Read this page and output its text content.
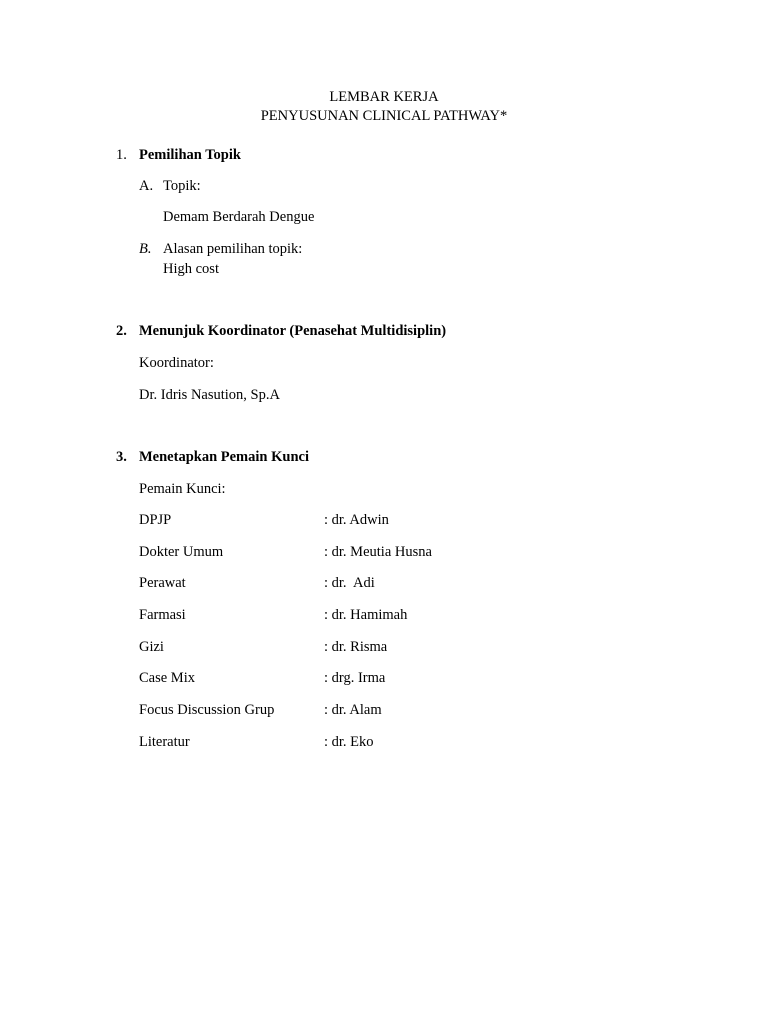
LEMBAR KERJA
PENYUSUNAN CLINICAL PATHWAY*
1. Pemilihan Topik
A. Topik:
Demam Berdarah Dengue
B. Alasan pemilihan topik:
High cost
2. Menunjuk Koordinator (Penasehat Multidisiplin)
Koordinator:
Dr. Idris Nasution, Sp.A
3. Menetapkan Pemain Kunci
Pemain Kunci:
DPJP	: dr. Adwin
Dokter Umum	: dr. Meutia Husna
Perawat	: dr.  Adi
Farmasi	: dr. Hamimah
Gizi	: dr. Risma
Case Mix	: drg. Irma
Focus Discussion Grup	: dr. Alam
Literatur	: dr. Eko
